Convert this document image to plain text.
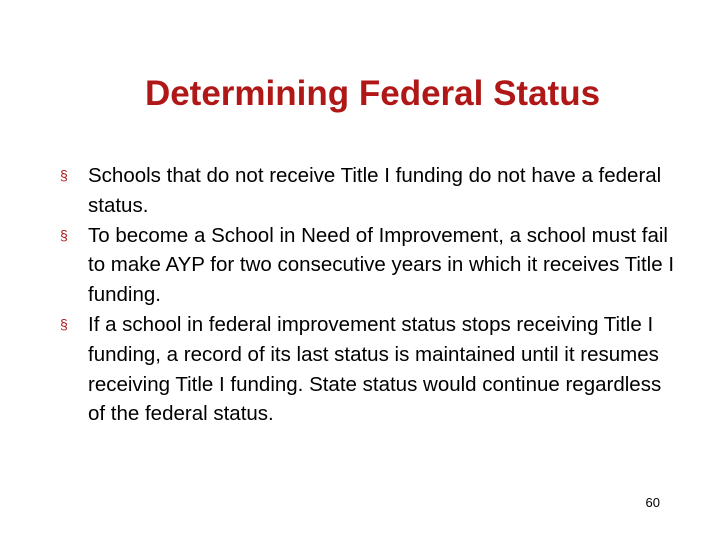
Determining Federal Status
§ Schools that do not receive Title I funding do not have a federal status.
§ To become a School in Need of Improvement, a school must fail to make AYP for two consecutive years in which it receives Title I funding.
§ If a school in federal improvement status stops receiving Title I funding, a record of its last status is maintained until it resumes receiving Title I funding. State status would continue regardless of the federal status.
60
